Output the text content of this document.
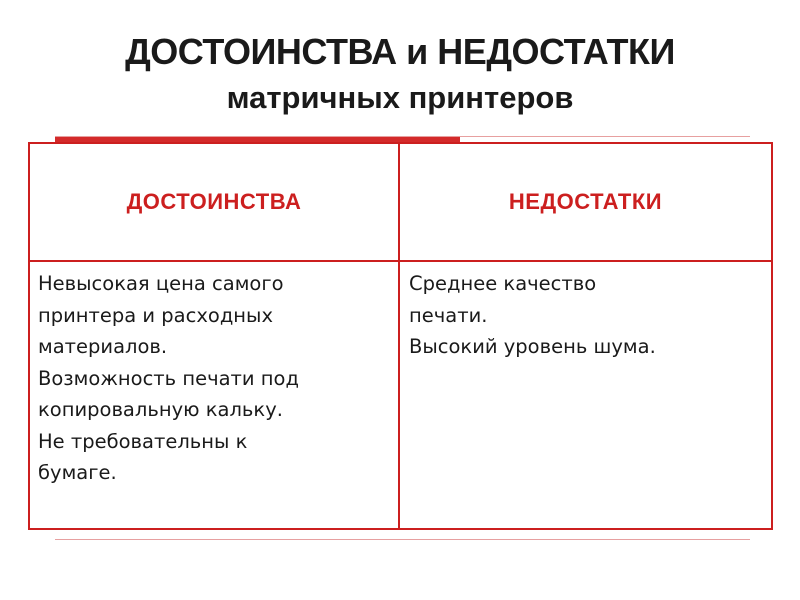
ДОСТОИНСТВА и НЕДОСТАТКИ
матричных принтеров
ДОСТОИНСТВА	НЕДОСТАТКИ
Невысокая цена самого
принтера и расходных
материалов.
Возможность печати под
копировальную кальку.
Не требовательны к
бумаге.
Среднее качество
печати.
Высокий уровень шума.
